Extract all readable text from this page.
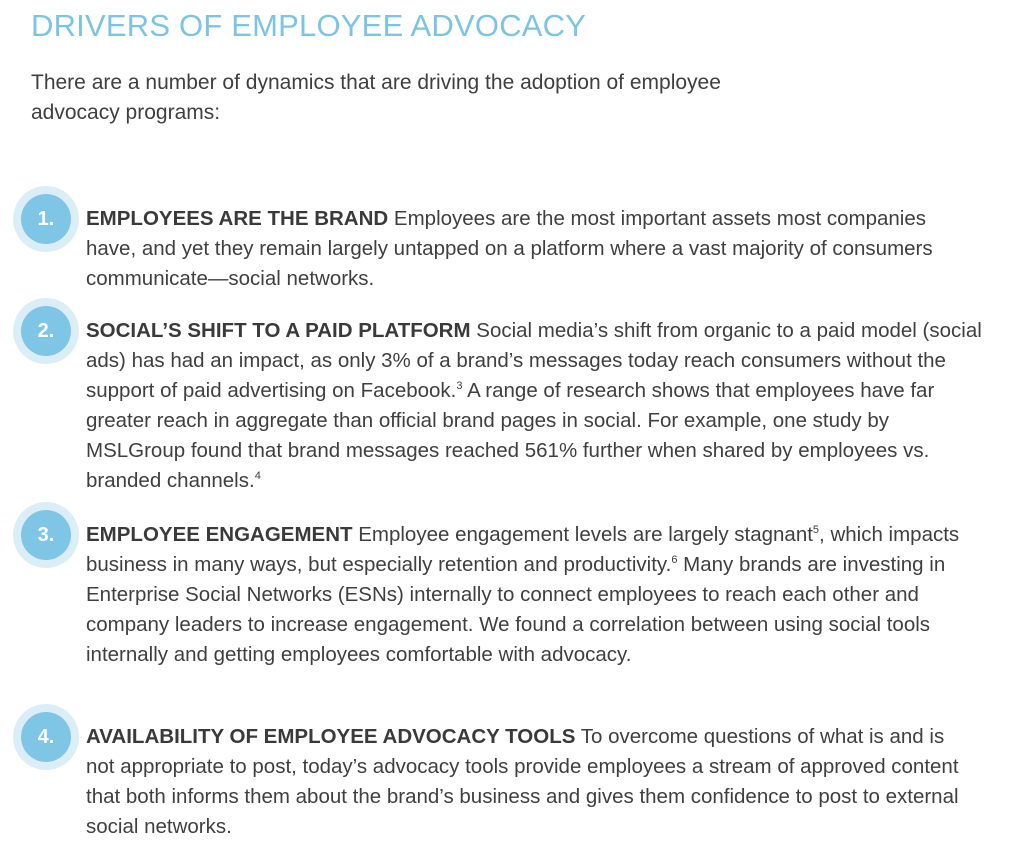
DRIVERS OF EMPLOYEE ADVOCACY

There are a number of dynamics that are driving the adoption of employee advocacy programs:

1.	EMPLOYEES ARE THE BRAND Employees are the most important assets most companies have, and yet they remain largely untapped on a platform where a vast majority of consumers communicate—social networks.

2.	SOCIAL’S SHIFT TO A PAID PLATFORM Social media’s shift from organic to a paid model (social ads) has had an impact, as only 3% of a brand’s messages today reach consumers without the support of paid advertising on Facebook.$^3$ A range of research shows that employees have far greater reach in aggregate than official brand pages in social. For example, one study by MSLGroup found that brand messages reached 561% further when shared by employees vs. branded channels.$^4$

3.	EMPLOYEE ENGAGEMENT Employee engagement levels are largely stagnant$^5$, which impacts business in many ways, but especially retention and productivity.$^6$ Many brands are investing in Enterprise Social Networks (ESNs) internally to connect employees to reach each other and company leaders to increase engagement. We found a correlation between using social tools internally and getting employees comfortable with advocacy.

4.	AVAILABILITY OF EMPLOYEE ADVOCACY TOOLS To overcome questions of what is and is not appropriate to post, today’s advocacy tools provide employees a stream of approved content that both informs them about the brand’s business and gives them confidence to post to external social networks.
